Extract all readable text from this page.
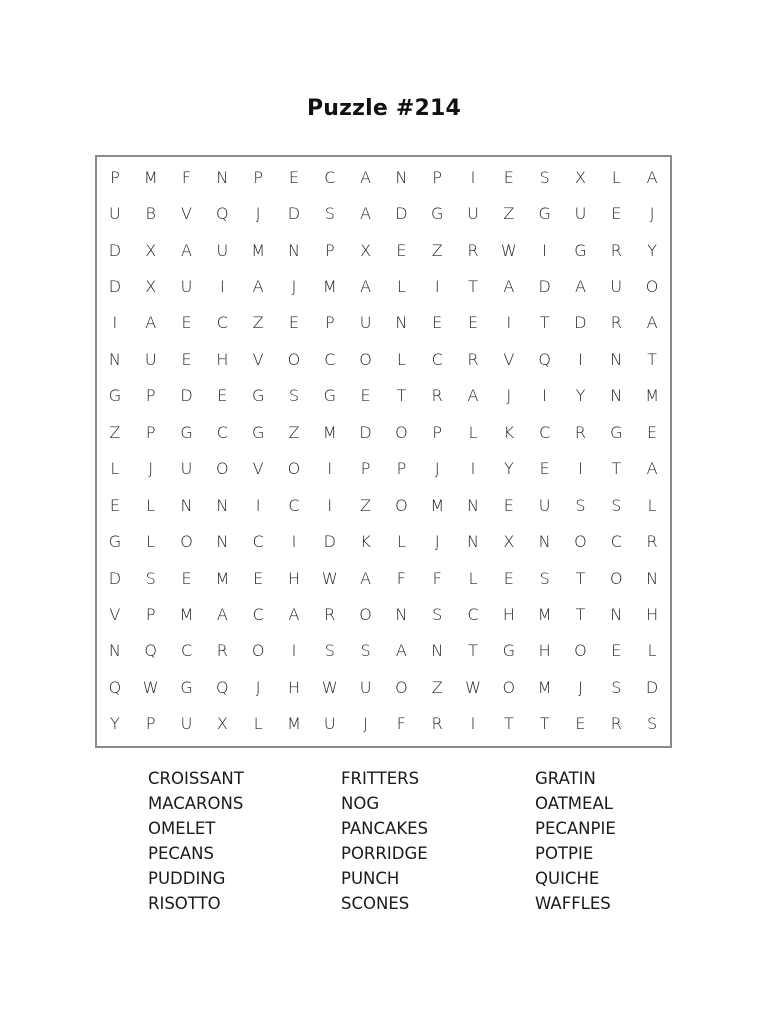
Puzzle #214
P	M	F	N	P	E	C	A	N	P	I	E	S	X	L	A
U	B	V	Q	J	D	S	A	D	G	U	Z	G	U	E	J
D	X	A	U	M	N	P	X	E	Z	R	W	I	G	R	Y
D	X	U	I	A	J	M	A	L	I	T	A	D	A	U	O
I	A	E	C	Z	E	P	U	N	E	E	I	T	D	R	A
N	U	E	H	V	O	C	O	L	C	R	V	Q	I	N	T
G	P	D	E	G	S	G	E	T	R	A	J	I	Y	N	M
Z	P	G	C	G	Z	M	D	O	P	L	K	C	R	G	E
L	J	U	O	V	O	I	P	P	J	I	Y	E	I	T	A
E	L	N	N	I	C	I	Z	O	M	N	E	U	S	S	L
G	L	O	N	C	I	D	K	L	J	N	X	N	O	C	R
D	S	E	M	E	H	W	A	F	F	L	E	S	T	O	N
V	P	M	A	C	A	R	O	N	S	C	H	M	T	N	H
N	Q	C	R	O	I	S	S	A	N	T	G	H	O	E	L
Q	W	G	Q	J	H	W	U	O	Z	W	O	M	J	S	D
Y	P	U	X	L	M	U	J	F	R	I	T	T	E	R	S
CROISSANT	FRITTERS	GRATIN
MACARONS	NOG	OATMEAL
OMELET	PANCAKES	PECANPIE
PECANS	PORRIDGE	POTPIE
PUDDING	PUNCH	QUICHE
RISOTTO	SCONES	WAFFLES
